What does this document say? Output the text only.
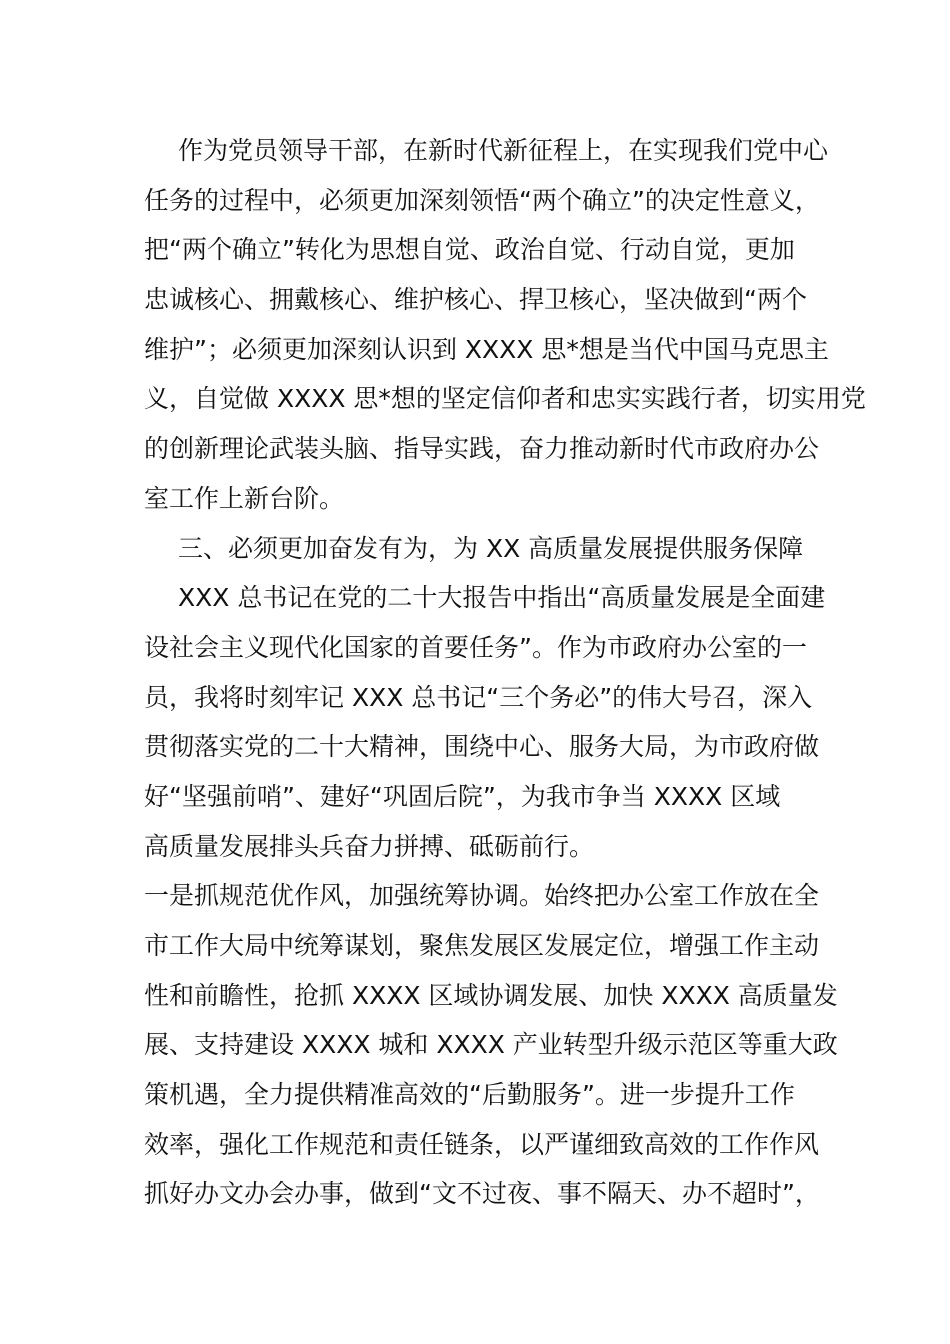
作为党员领导干部，在新时代新征程上，在实现我们党中心
任务的过程中，必须更加深刻领悟“两个确立”的决定性意义，
把“两个确立”转化为思想自觉、政治自觉、行动自觉，更加
忠诚核心、拥戴核心、维护核心、捍卫核心，坚决做到“两个
维护”；必须更加深刻认识到 XXXX 思*想是当代中国马克思主
义，自觉做 XXXX 思*想的坚定信仰者和忠实实践行者，切实用党
的创新理论武装头脑、指导实践，奋力推动新时代市政府办公
室工作上新台阶。
三、必须更加奋发有为，为 XX 高质量发展提供服务保障
XXX 总书记在党的二十大报告中指出“高质量发展是全面建
设社会主义现代化国家的首要任务”。作为市政府办公室的一
员，我将时刻牢记 XXX 总书记“三个务必”的伟大号召，深入
贯彻落实党的二十大精神，围绕中心、服务大局，为市政府做
好“坚强前哨”、建好“巩固后院”，为我市争当 XXXX 区域
高质量发展排头兵奋力拼搏、砥砺前行。
一是抓规范优作风，加强统筹协调。始终把办公室工作放在全
市工作大局中统筹谋划，聚焦发展区发展定位，增强工作主动
性和前瞻性，抢抓 XXXX 区域协调发展、加快 XXXX 高质量发
展、支持建设 XXXX 城和 XXXX 产业转型升级示范区等重大政
策机遇，全力提供精准高效的“后勤服务”。进一步提升工作
效率，强化工作规范和责任链条，以严谨细致高效的工作作风
抓好办文办会办事，做到“文不过夜、事不隔天、办不超时”，
